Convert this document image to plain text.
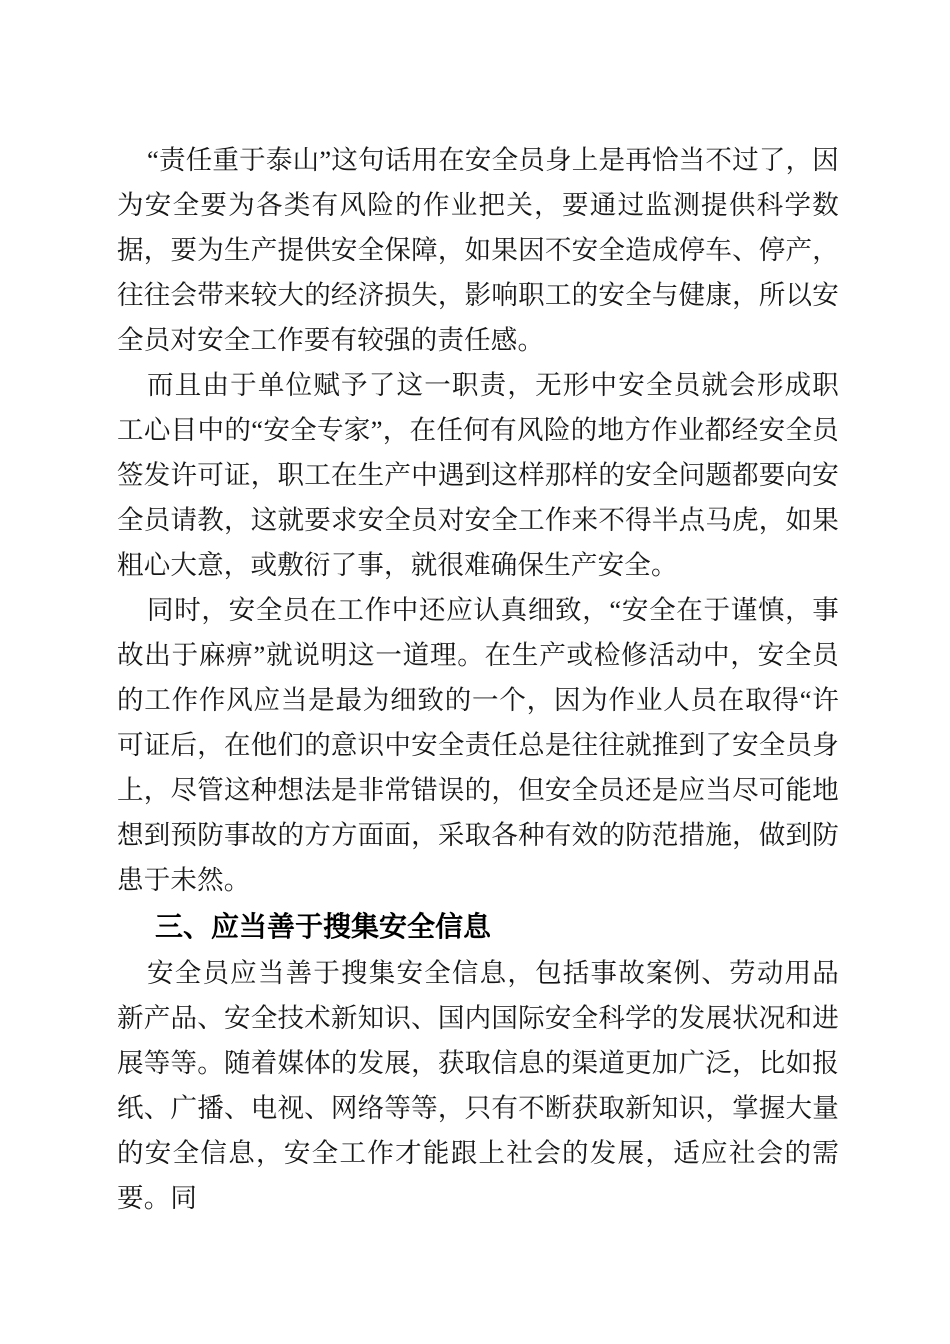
“责任重于泰山”这句话用在安全员身上是再恰当不过了，因为安全要为各类有风险的作业把关，要通过监测提供科学数据，要为生产提供安全保障，如果因不安全造成停车、停产，往往会带来较大的经济损失，影响职工的安全与健康，所以安全员对安全工作要有较强的责任感。

而且由于单位赋予了这一职责，无形中安全员就会形成职工心目中的“安全专家”，在任何有风险的地方作业都经安全员签发许可证，职工在生产中遇到这样那样的安全问题都要向安全员请教，这就要求安全员对安全工作来不得半点马虎，如果粗心大意，或敷衍了事，就很难确保生产安全。

同时，安全员在工作中还应认真细致，“安全在于谨慎，事故出于麻痹”就说明这一道理。在生产或检修活动中，安全员的工作作风应当是最为细致的一个，因为作业人员在取得“许可证后，在他们的意识中安全责任总是往往就推到了安全员身上，尽管这种想法是非常错误的，但安全员还是应当尽可能地想到预防事故的方方面面，采取各种有效的防范措施，做到防患于未然。

三、应当善于搜集安全信息

安全员应当善于搜集安全信息，包括事故案例、劳动用品新产品、安全技术新知识、国内国际安全科学的发展状况和进展等等。随着媒体的发展，获取信息的渠道更加广泛，比如报纸、广播、电视、网络等等，只有不断获取新知识，掌握大量的安全信息，安全工作才能跟上社会的发展，适应社会的需要。同
